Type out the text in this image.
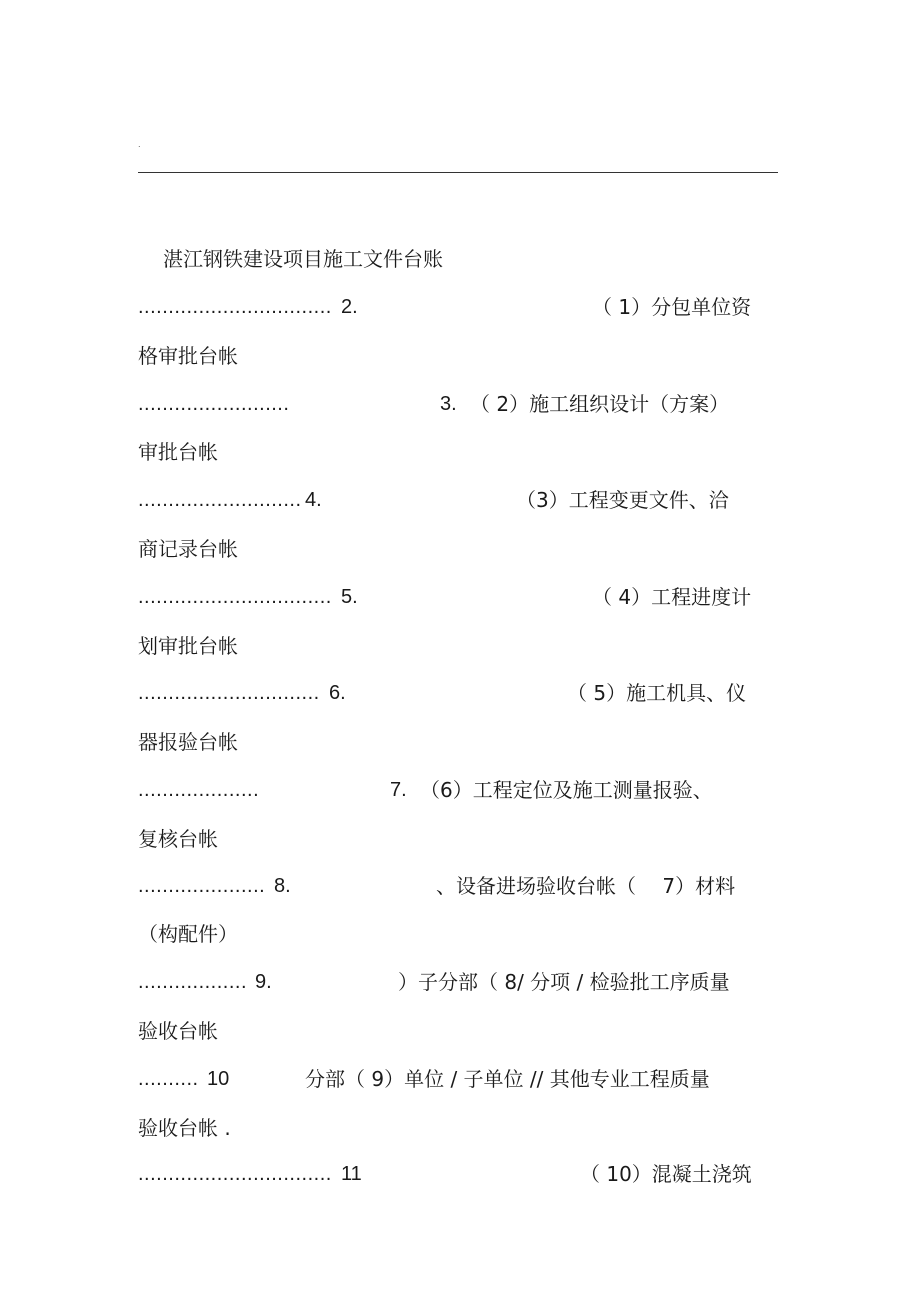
.
湛江钢铁建设项目施工文件台账
................................ 2.	（ 1）分包单位资
格审批台帐
.........................	3. （ 2）施工组织设计（方案）
审批台帐
........................... 4.	（3）工程变更文件、洽
商记录台帐
................................ 5.	（ 4）工程进度计
划审批台帐
.............................. 6.	（ 5）施工机具、仪
器报验台帐
....................	7. （6）工程定位及施工测量报验、
复核台帐
..................... 8.	、设备进场验收台帐（　 7）材料
（构配件）
.................. 9.	）子分部（ 8/ 分项 / 检验批工序质量
验收台帐
.......... 10	分部（ 9）单位 / 子单位 // 其他专业工程质量
验收台帐 .
................................ 11	（ 10）混凝土浇筑
